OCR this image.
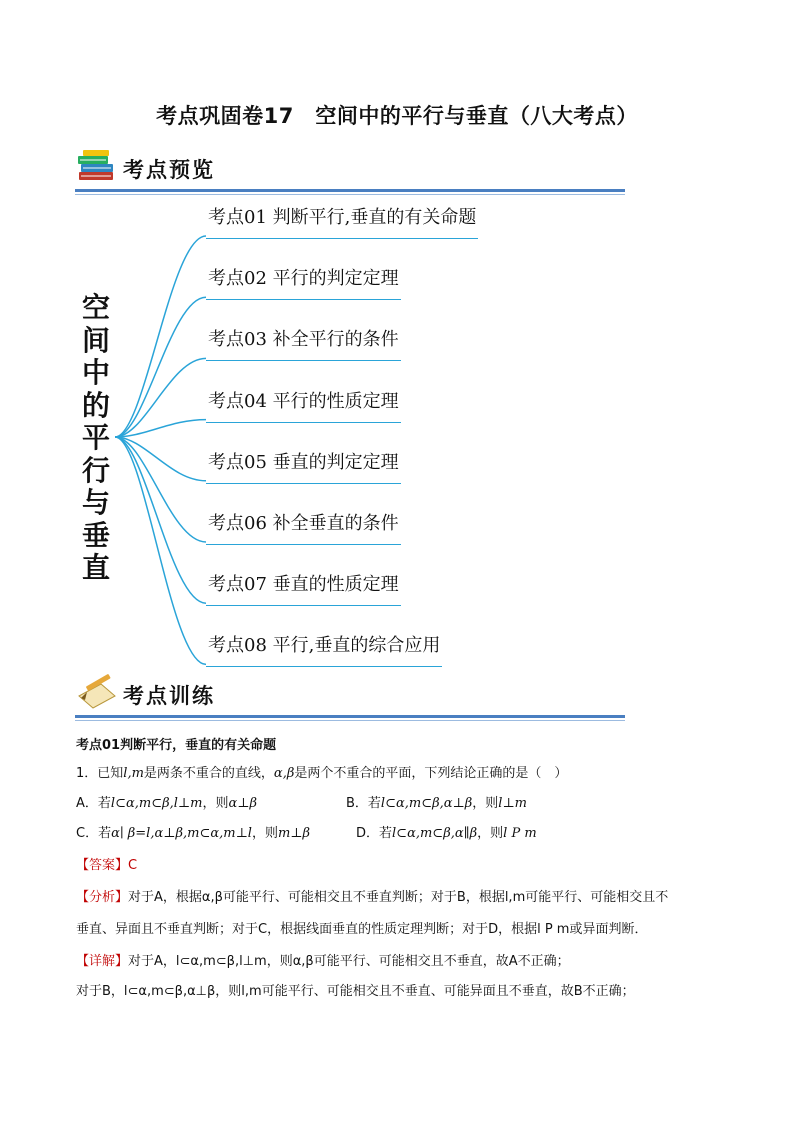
考点巩固卷17　空间中的平行与垂直（八大考点）
考点预览
空
间
中
的
平
行
与
垂
直
考点01 判断平行,垂直的有关命题
考点02 平行的判定定理
考点03 补全平行的条件
考点04 平行的性质定理
考点05 垂直的判定定理
考点06 补全垂直的条件
考点07 垂直的性质定理
考点08 平行,垂直的综合应用
考点训练
考点01判断平行，垂直的有关命题
1．已知l,m是两条不重合的直线，α,β是两个不重合的平面，下列结论正确的是（　）
A．若l⊂α,m⊂β,l⊥m，则α⊥β	B．若l⊂α,m⊂β,α⊥β，则l⊥m
C．若α∣ β=l,α⊥β,m⊂α,m⊥l，则m⊥β	D．若l⊂α,m⊂β,α∥β，则l P m
【答案】C
【分析】对于A，根据α,β可能平行、可能相交且不垂直判断；对于B，根据l,m可能平行、可能相交且不
垂直、异面且不垂直判断；对于C，根据线面垂直的性质定理判断；对于D，根据l P m或异面判断．
【详解】对于A，l⊂α,m⊂β,l⊥m，则α,β可能平行、可能相交且不垂直，故A不正确；
对于B，l⊂α,m⊂β,α⊥β，则l,m可能平行、可能相交且不垂直、可能异面且不垂直，故B不正确；
